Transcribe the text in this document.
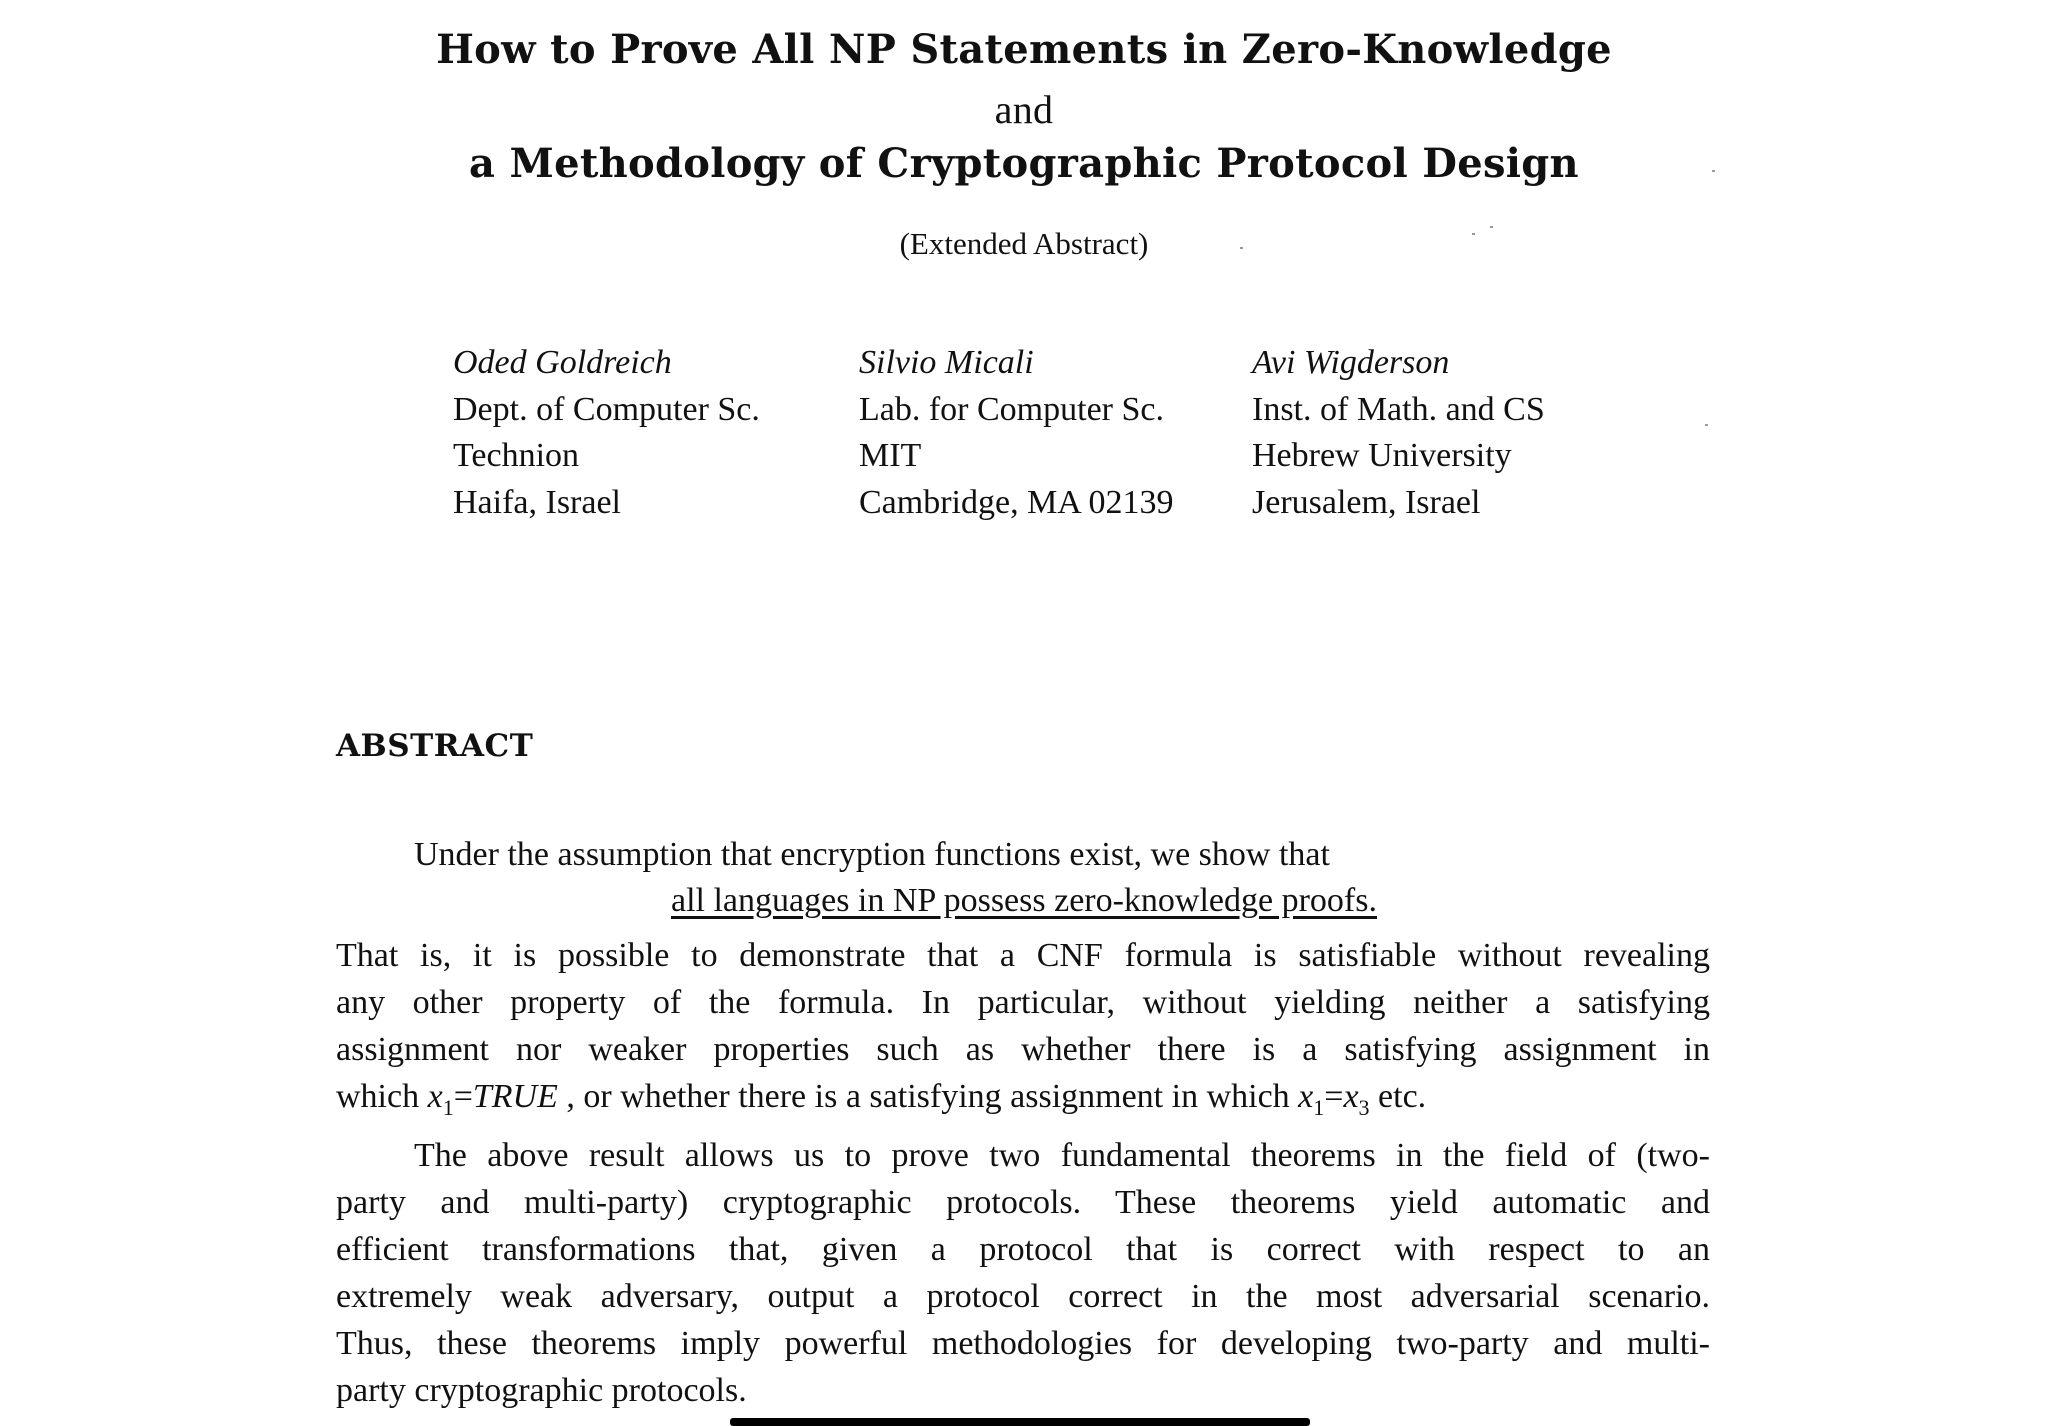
How to Prove All NP Statements in Zero-Knowledge
and
a Methodology of Cryptographic Protocol Design
(Extended Abstract)
Oded Goldreich
Dept. of Computer Sc.
Technion
Haifa, Israel
Silvio Micali
Lab. for Computer Sc.
MIT
Cambridge, MA 02139
Avi Wigderson
Inst. of Math. and CS
Hebrew University
Jerusalem, Israel
ABSTRACT
Under the assumption that encryption functions exist, we show that
all languages in NP possess zero-knowledge proofs.
That is, it is possible to demonstrate that a CNF formula is satisfiable without revealing
any other property of the formula. In particular, without yielding neither a satisfying
assignment nor weaker properties such as whether there is a satisfying assignment in
which $x_1=TRUE$ , or whether there is a satisfying assignment in which $x_1=x_3$ etc.
The above result allows us to prove two fundamental theorems in the field of (two-
party and multi-party) cryptographic protocols. These theorems yield automatic and
efficient transformations that, given a protocol that is correct with respect to an
extremely weak adversary, output a protocol correct in the most adversarial scenario.
Thus, these theorems imply powerful methodologies for developing two-party and multi-
party cryptographic protocols.
